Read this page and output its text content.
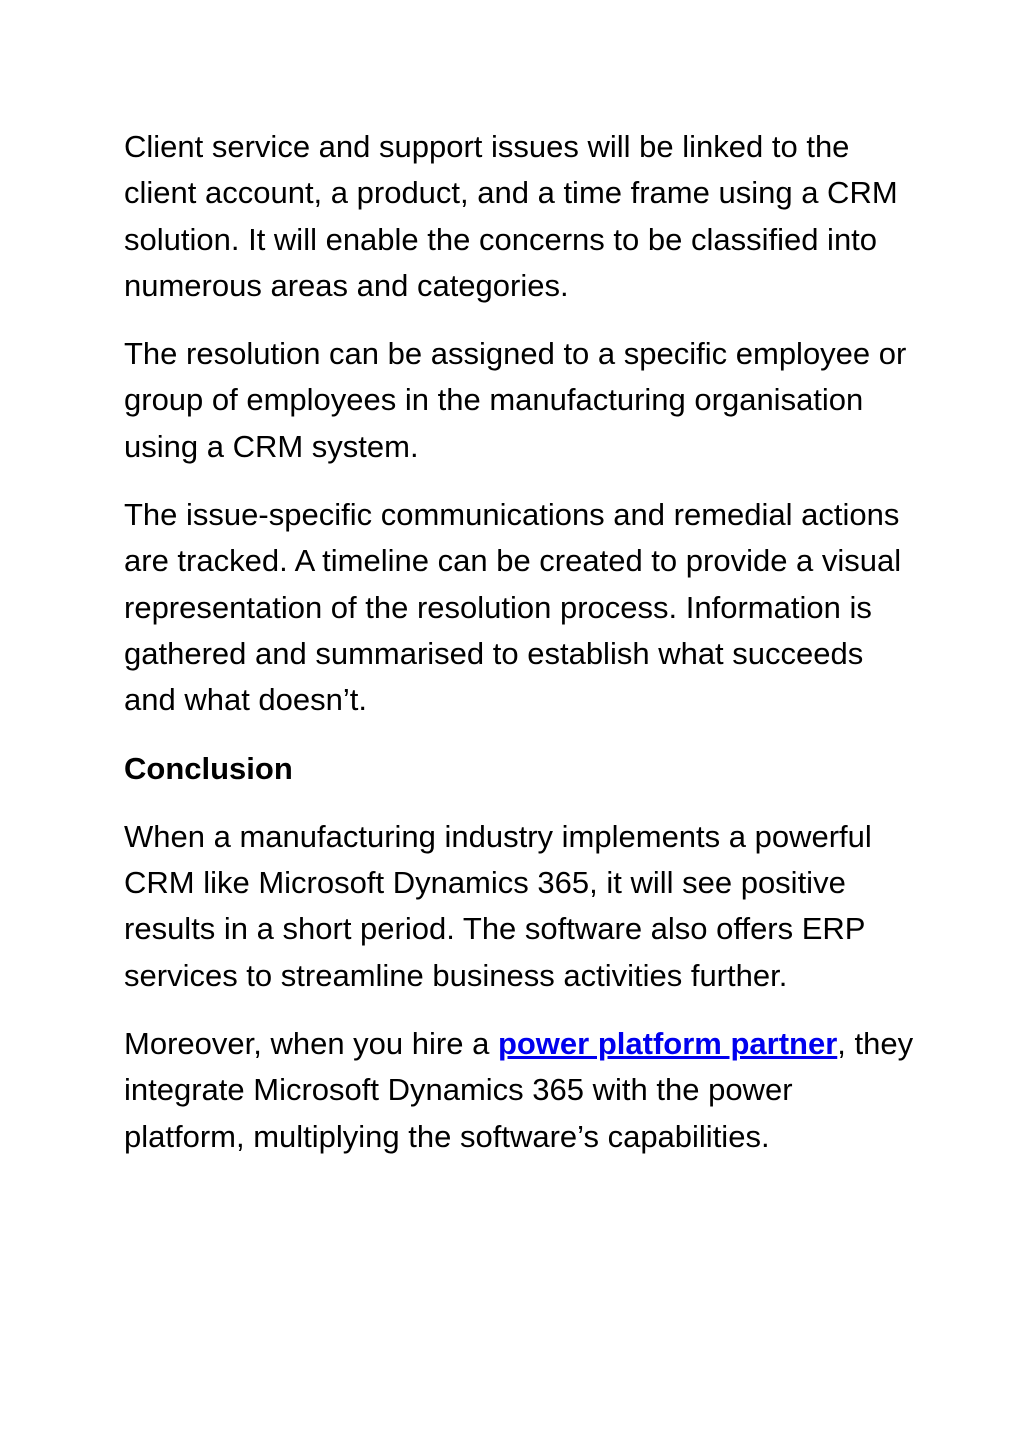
Client service and support issues will be linked to the client account, a product, and a time frame using a CRM solution. It will enable the concerns to be classified into numerous areas and categories.

The resolution can be assigned to a specific employee or group of employees in the manufacturing organisation using a CRM system.

The issue-specific communications and remedial actions are tracked. A timeline can be created to provide a visual representation of the resolution process. Information is gathered and summarised to establish what succeeds and what doesn’t.

Conclusion

When a manufacturing industry implements a powerful CRM like Microsoft Dynamics 365, it will see positive results in a short period. The software also offers ERP services to streamline business activities further.

Moreover, when you hire a power platform partner, they integrate Microsoft Dynamics 365 with the power platform, multiplying the software’s capabilities.
